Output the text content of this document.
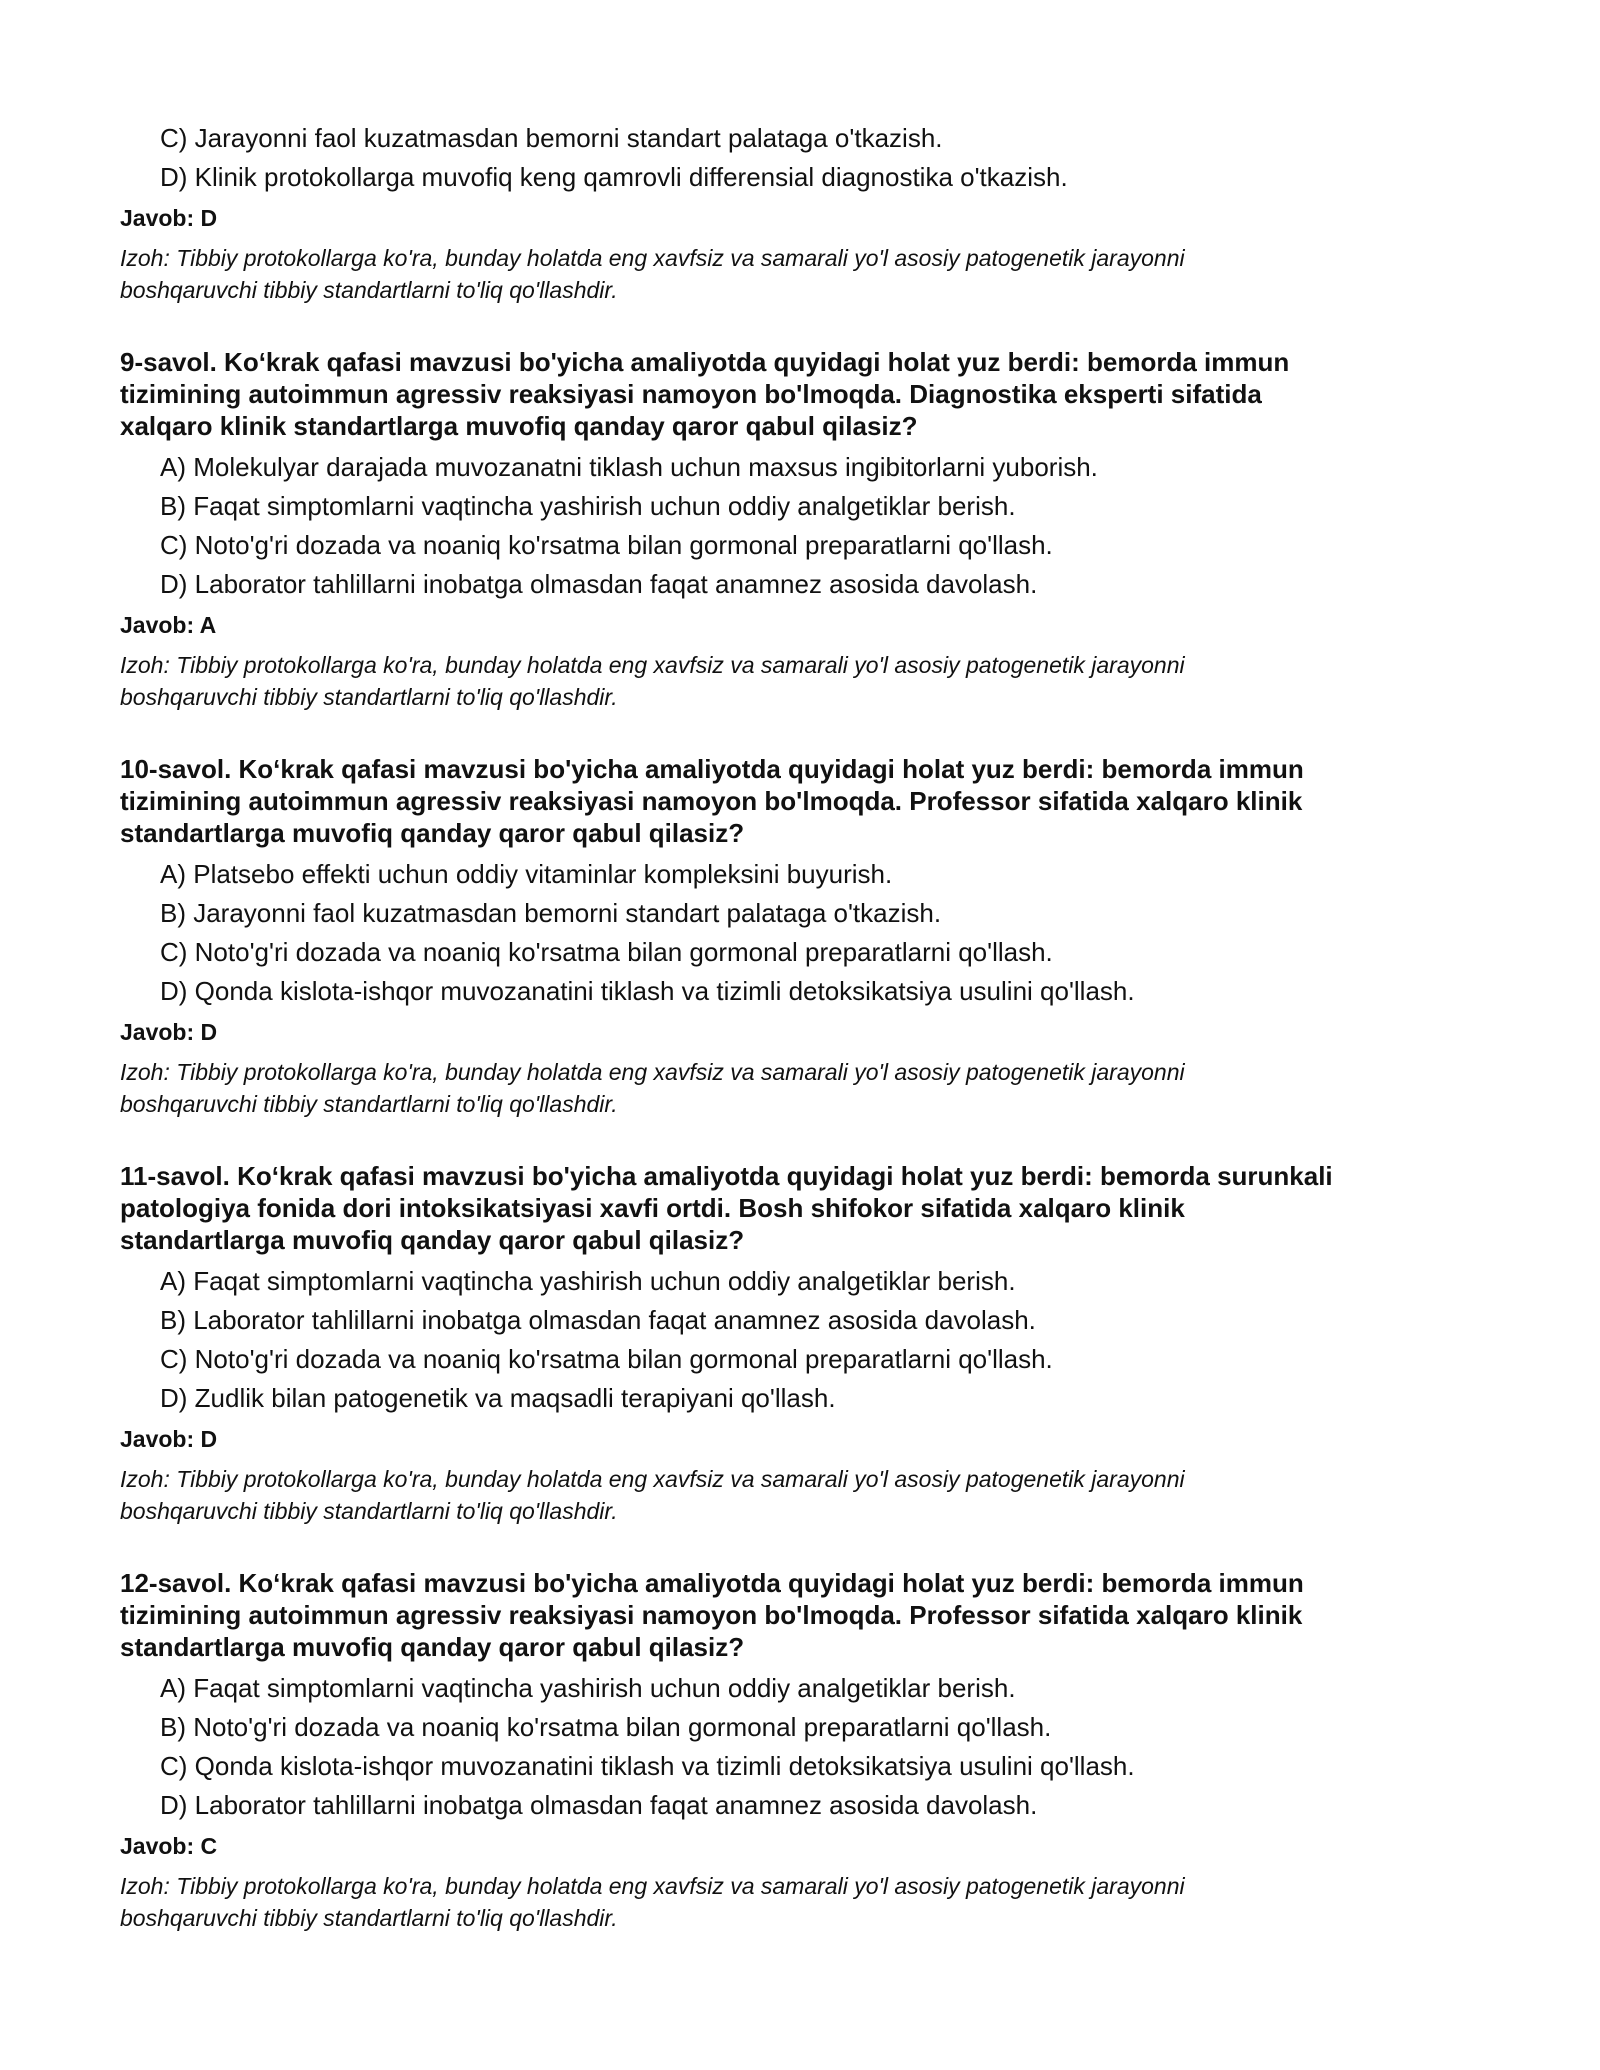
C) Jarayonni faol kuzatmasdan bemorni standart palataga o'tkazish.
D) Klinik protokollarga muvofiq keng qamrovli differensial diagnostika o'tkazish.
Javob: D
Izoh: Tibbiy protokollarga ko'ra, bunday holatda eng xavfsiz va samarali yo'l asosiy patogenetik jarayonni
boshqaruvchi tibbiy standartlarni to'liq qo'llashdir.
9-savol. Ko‘krak qafasi mavzusi bo'yicha amaliyotda quyidagi holat yuz berdi: bemorda immun
tizimining autoimmun agressiv reaksiyasi namoyon bo'lmoqda. Diagnostika eksperti sifatida
xalqaro klinik standartlarga muvofiq qanday qaror qabul qilasiz?
A) Molekulyar darajada muvozanatni tiklash uchun maxsus ingibitorlarni yuborish.
B) Faqat simptomlarni vaqtincha yashirish uchun oddiy analgetiklar berish.
C) Noto'g'ri dozada va noaniq ko'rsatma bilan gormonal preparatlarni qo'llash.
D) Laborator tahlillarni inobatga olmasdan faqat anamnez asosida davolash.
Javob: A
Izoh: Tibbiy protokollarga ko'ra, bunday holatda eng xavfsiz va samarali yo'l asosiy patogenetik jarayonni
boshqaruvchi tibbiy standartlarni to'liq qo'llashdir.
10-savol. Ko‘krak qafasi mavzusi bo'yicha amaliyotda quyidagi holat yuz berdi: bemorda immun
tizimining autoimmun agressiv reaksiyasi namoyon bo'lmoqda. Professor sifatida xalqaro klinik
standartlarga muvofiq qanday qaror qabul qilasiz?
A) Platsebo effekti uchun oddiy vitaminlar kompleksini buyurish.
B) Jarayonni faol kuzatmasdan bemorni standart palataga o'tkazish.
C) Noto'g'ri dozada va noaniq ko'rsatma bilan gormonal preparatlarni qo'llash.
D) Qonda kislota-ishqor muvozanatini tiklash va tizimli detoksikatsiya usulini qo'llash.
Javob: D
Izoh: Tibbiy protokollarga ko'ra, bunday holatda eng xavfsiz va samarali yo'l asosiy patogenetik jarayonni
boshqaruvchi tibbiy standartlarni to'liq qo'llashdir.
11-savol. Ko‘krak qafasi mavzusi bo'yicha amaliyotda quyidagi holat yuz berdi: bemorda surunkali
patologiya fonida dori intoksikatsiyasi xavfi ortdi. Bosh shifokor sifatida xalqaro klinik
standartlarga muvofiq qanday qaror qabul qilasiz?
A) Faqat simptomlarni vaqtincha yashirish uchun oddiy analgetiklar berish.
B) Laborator tahlillarni inobatga olmasdan faqat anamnez asosida davolash.
C) Noto'g'ri dozada va noaniq ko'rsatma bilan gormonal preparatlarni qo'llash.
D) Zudlik bilan patogenetik va maqsadli terapiyani qo'llash.
Javob: D
Izoh: Tibbiy protokollarga ko'ra, bunday holatda eng xavfsiz va samarali yo'l asosiy patogenetik jarayonni
boshqaruvchi tibbiy standartlarni to'liq qo'llashdir.
12-savol. Ko‘krak qafasi mavzusi bo'yicha amaliyotda quyidagi holat yuz berdi: bemorda immun
tizimining autoimmun agressiv reaksiyasi namoyon bo'lmoqda. Professor sifatida xalqaro klinik
standartlarga muvofiq qanday qaror qabul qilasiz?
A) Faqat simptomlarni vaqtincha yashirish uchun oddiy analgetiklar berish.
B) Noto'g'ri dozada va noaniq ko'rsatma bilan gormonal preparatlarni qo'llash.
C) Qonda kislota-ishqor muvozanatini tiklash va tizimli detoksikatsiya usulini qo'llash.
D) Laborator tahlillarni inobatga olmasdan faqat anamnez asosida davolash.
Javob: C
Izoh: Tibbiy protokollarga ko'ra, bunday holatda eng xavfsiz va samarali yo'l asosiy patogenetik jarayonni
boshqaruvchi tibbiy standartlarni to'liq qo'llashdir.
